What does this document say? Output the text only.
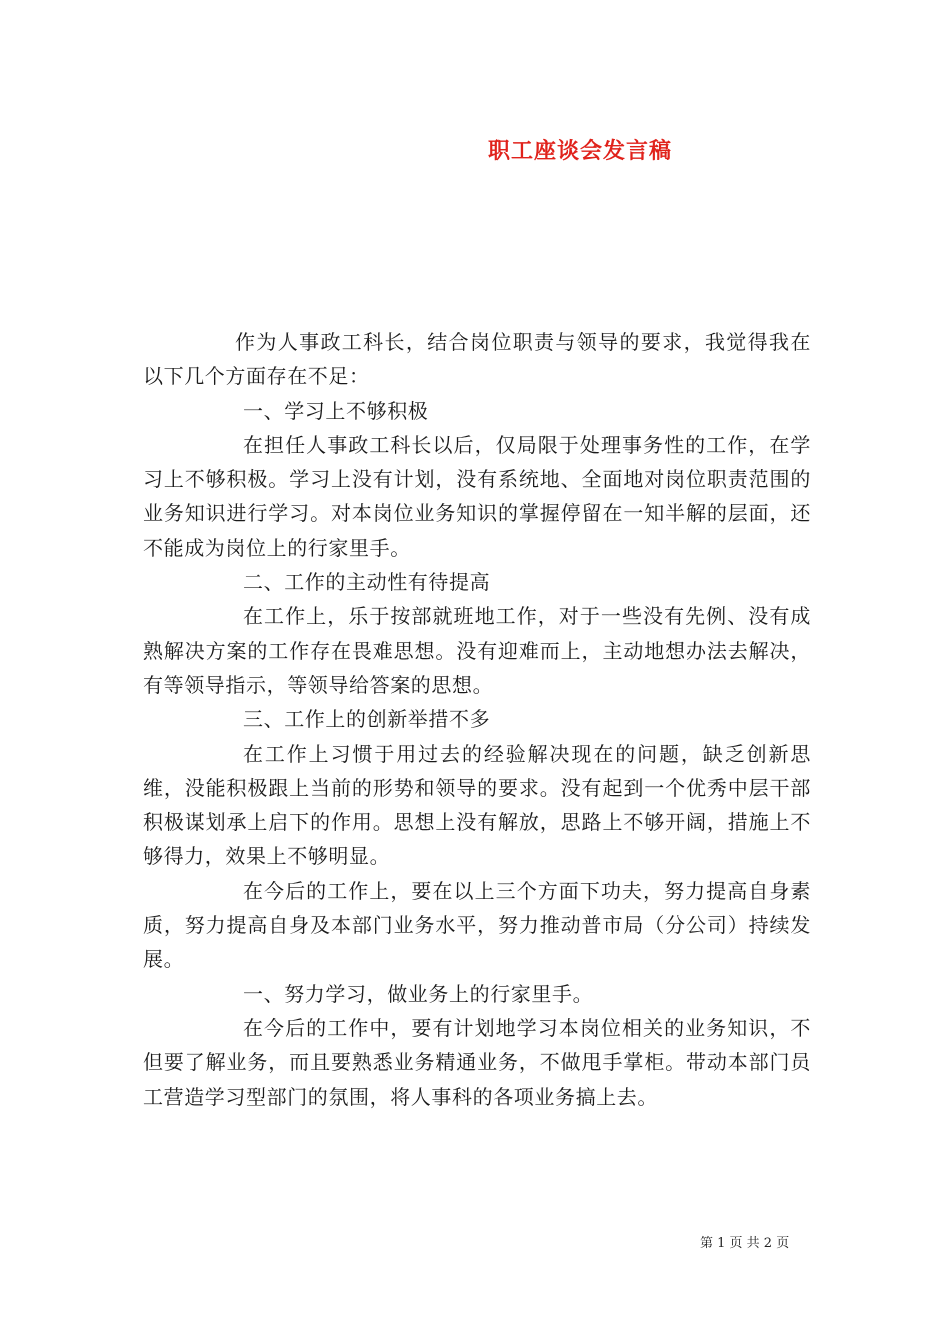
职工座谈会发言稿

作为人事政工科长，结合岗位职责与领导的要求，我觉得我在以下几个方面存在不足：

一、学习上不够积极

在担任人事政工科长以后，仅局限于处理事务性的工作，在学习上不够积极。学习上没有计划，没有系统地、全面地对岗位职责范围的业务知识进行学习。对本岗位业务知识的掌握停留在一知半解的层面，还不能成为岗位上的行家里手。

二、工作的主动性有待提高

在工作上，乐于按部就班地工作，对于一些没有先例、没有成熟解决方案的工作存在畏难思想。没有迎难而上，主动地想办法去解决，有等领导指示，等领导给答案的思想。

三、工作上的创新举措不多

在工作上习惯于用过去的经验解决现在的问题，缺乏创新思维，没能积极跟上当前的形势和领导的要求。没有起到一个优秀中层干部积极谋划承上启下的作用。思想上没有解放，思路上不够开阔，措施上不够得力，效果上不够明显。

在今后的工作上，要在以上三个方面下功夫，努力提高自身素质，努力提高自身及本部门业务水平，努力推动普市局（分公司）持续发展。

一、努力学习，做业务上的行家里手。

在今后的工作中，要有计划地学习本岗位相关的业务知识，不但要了解业务，而且要熟悉业务精通业务，不做甩手掌柜。带动本部门员工营造学习型部门的氛围，将人事科的各项业务搞上去。

第 1 页 共 2 页
